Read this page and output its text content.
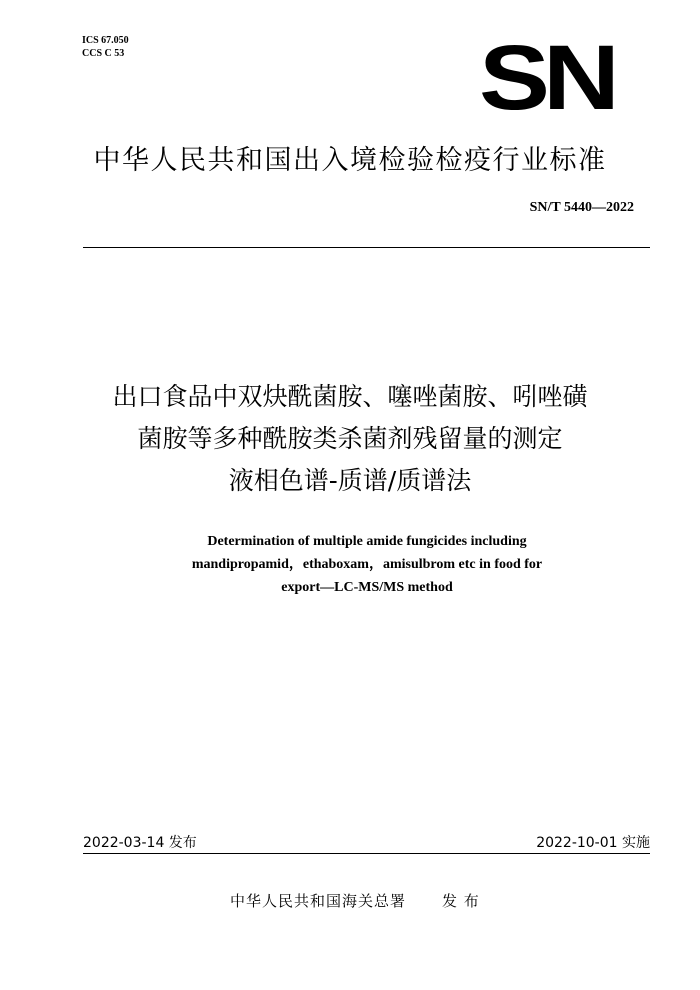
ICS 67.050
CCS C 53	SN
中华人民共和国出入境检验检疫行业标准
SN/T 5440—2022
出口食品中双炔酰菌胺、噻唑菌胺、吲唑磺
菌胺等多种酰胺类杀菌剂残留量的测定
液相色谱-质谱/质谱法
Determination of multiple amide fungicides including
mandipropamid，ethaboxam，amisulbrom etc in food for
export—LC-MS/MS method
2022-03-14 发布	2022-10-01 实施
中华人民共和国海关总署 发 布
